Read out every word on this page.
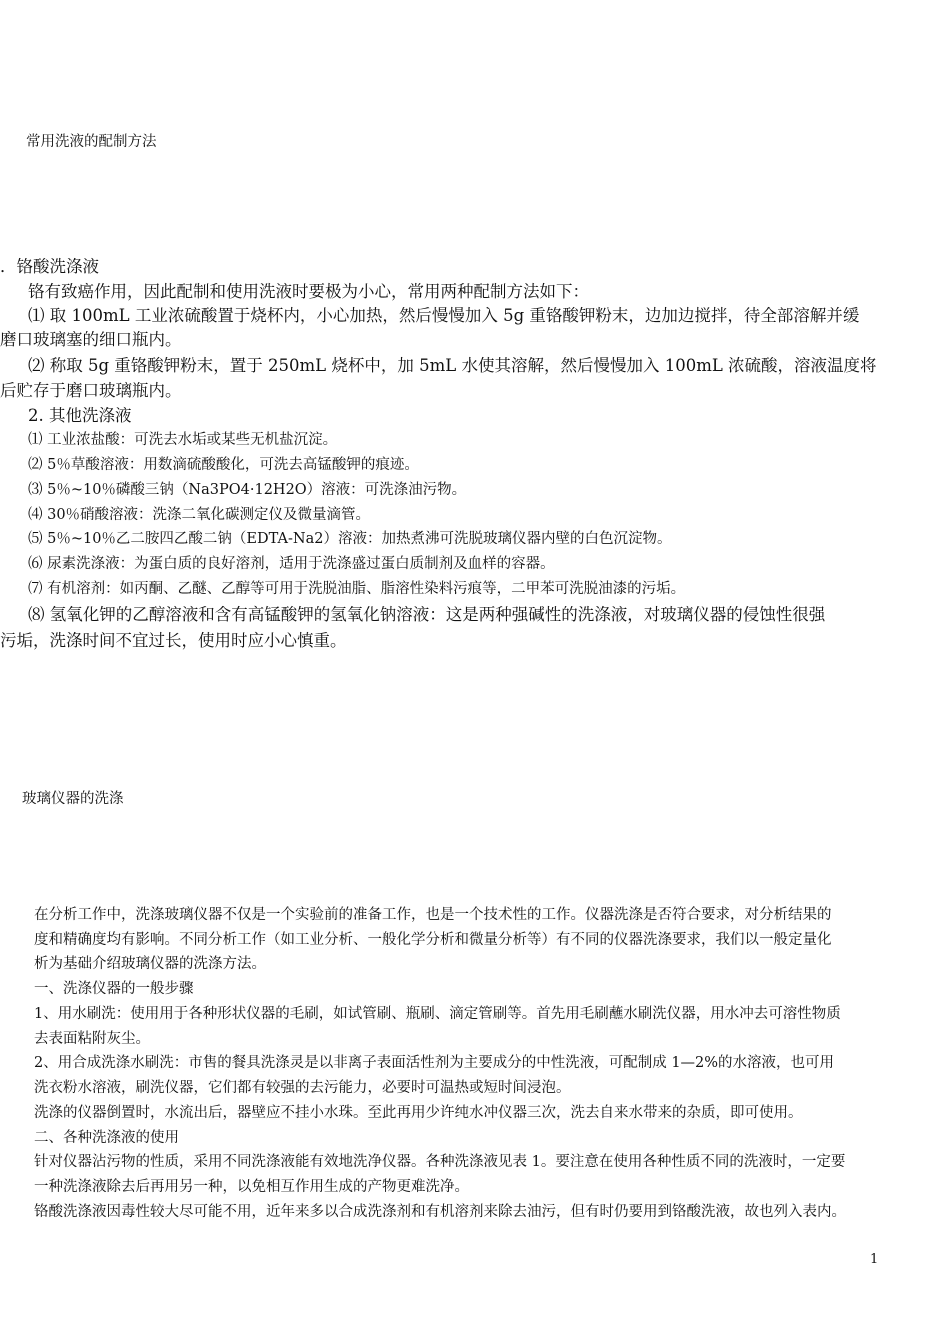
常用洗液的配制方法
．铬酸洗涤液
铬有致癌作用，因此配制和使用洗液时要极为小心，常用两种配制方法如下：
⑴ 取 100mL 工业浓硫酸置于烧杯内，小心加热，然后慢慢加入 5g 重铬酸钾粉末，边加边搅拌，待全部溶解并缓
磨口玻璃塞的细口瓶内。
⑵ 称取 5g 重铬酸钾粉末，置于 250mL 烧杯中，加 5mL 水使其溶解，然后慢慢加入 100mL 浓硫酸，溶液温度将
后贮存于磨口玻璃瓶内。
2. 其他洗涤液
⑴ 工业浓盐酸：可洗去水垢或某些无机盐沉淀。
⑵ 5％草酸溶液：用数滴硫酸酸化，可洗去高锰酸钾的痕迹。
⑶ 5％~10％磷酸三钠（Na3PO4·12H2O）溶液：可洗涤油污物。
⑷ 30％硝酸溶液：洗涤二氧化碳测定仪及微量滴管。
⑸ 5％~10％乙二胺四乙酸二钠（EDTA-Na2）溶液：加热煮沸可洗脱玻璃仪器内壁的白色沉淀物。
⑹ 尿素洗涤液：为蛋白质的良好溶剂，适用于洗涤盛过蛋白质制剂及血样的容器。
⑺ 有机溶剂：如丙酮、乙醚、乙醇等可用于洗脱油脂、脂溶性染料污痕等，二甲苯可洗脱油漆的污垢。
⑻ 氢氧化钾的乙醇溶液和含有高锰酸钾的氢氧化钠溶液：这是两种强碱性的洗涤液，对玻璃仪器的侵蚀性很强
污垢，洗涤时间不宜过长，使用时应小心慎重。
玻璃仪器的洗涤
在分析工作中，洗涤玻璃仪器不仅是一个实验前的准备工作，也是一个技术性的工作。仪器洗涤是否符合要求，对分析结果的
度和精确度均有影响。不同分析工作（如工业分析、一般化学分析和微量分析等）有不同的仪器洗涤要求，我们以一般定量化
析为基础介绍玻璃仪器的洗涤方法。
一、洗涤仪器的一般步骤
1、用水刷洗：使用用于各种形状仪器的毛刷，如试管刷、瓶刷、滴定管刷等。首先用毛刷蘸水刷洗仪器，用水冲去可溶性物质
去表面粘附灰尘。
2、用合成洗涤水刷洗：市售的餐具洗涤灵是以非离子表面活性剂为主要成分的中性洗液，可配制成 1—2%的水溶液，也可用
洗衣粉水溶液，刷洗仪器，它们都有较强的去污能力，必要时可温热或短时间浸泡。
洗涤的仪器倒置时，水流出后，器壁应不挂小水珠。至此再用少许纯水冲仪器三次，洗去自来水带来的杂质，即可使用。
二、各种洗涤液的使用
针对仪器沾污物的性质，采用不同洗涤液能有效地洗净仪器。各种洗涤液见表 1。要注意在使用各种性质不同的洗液时，一定要
一种洗涤液除去后再用另一种，以免相互作用生成的产物更难洗净。
铬酸洗涤液因毒性较大尽可能不用，近年来多以合成洗涤剂和有机溶剂来除去油污，但有时仍要用到铬酸洗液，故也列入表内。
1
